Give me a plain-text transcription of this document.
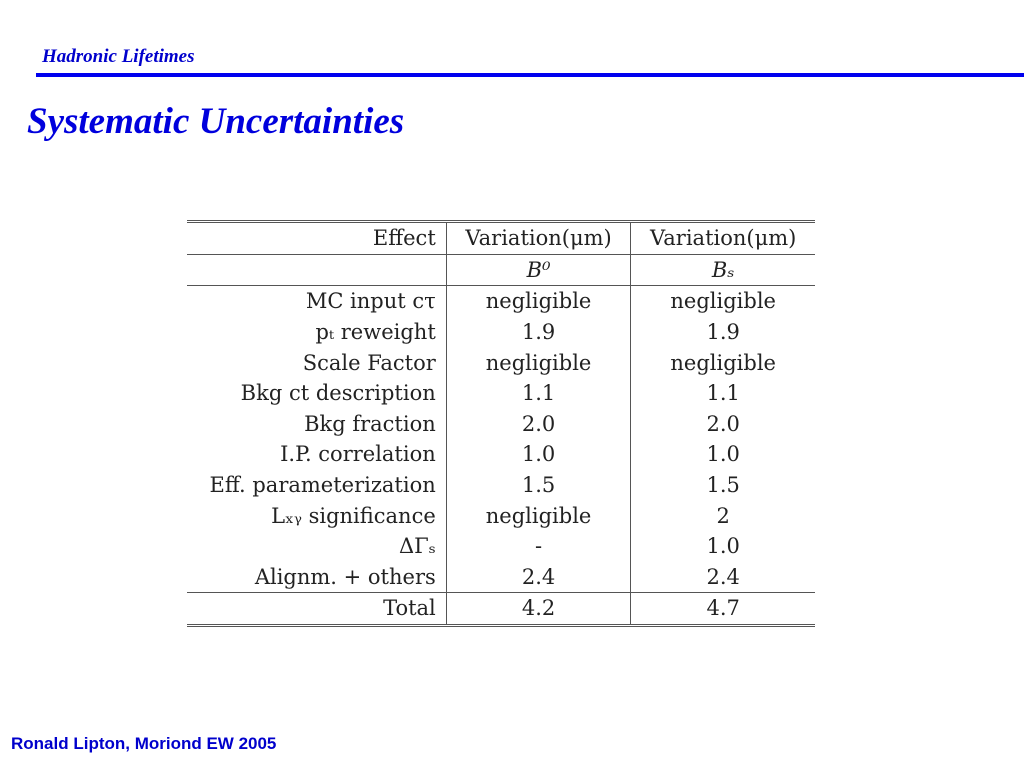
Hadronic Lifetimes
Systematic Uncertainties
Effect	Variation(μm)	Variation(μm)
	B⁰	Bₛ
MC input cτ	negligible	negligible
pₜ reweight	1.9	1.9
Scale Factor	negligible	negligible
Bkg ct description	1.1	1.1
Bkg fraction	2.0	2.0
I.P. correlation	1.0	1.0
Eff. parameterization	1.5	1.5
Lₓᵧ significance	negligible	2
ΔΓₛ	-	1.0
Alignm. + others	2.4	2.4
Total	4.2	4.7
Ronald Lipton, Moriond EW 2005
